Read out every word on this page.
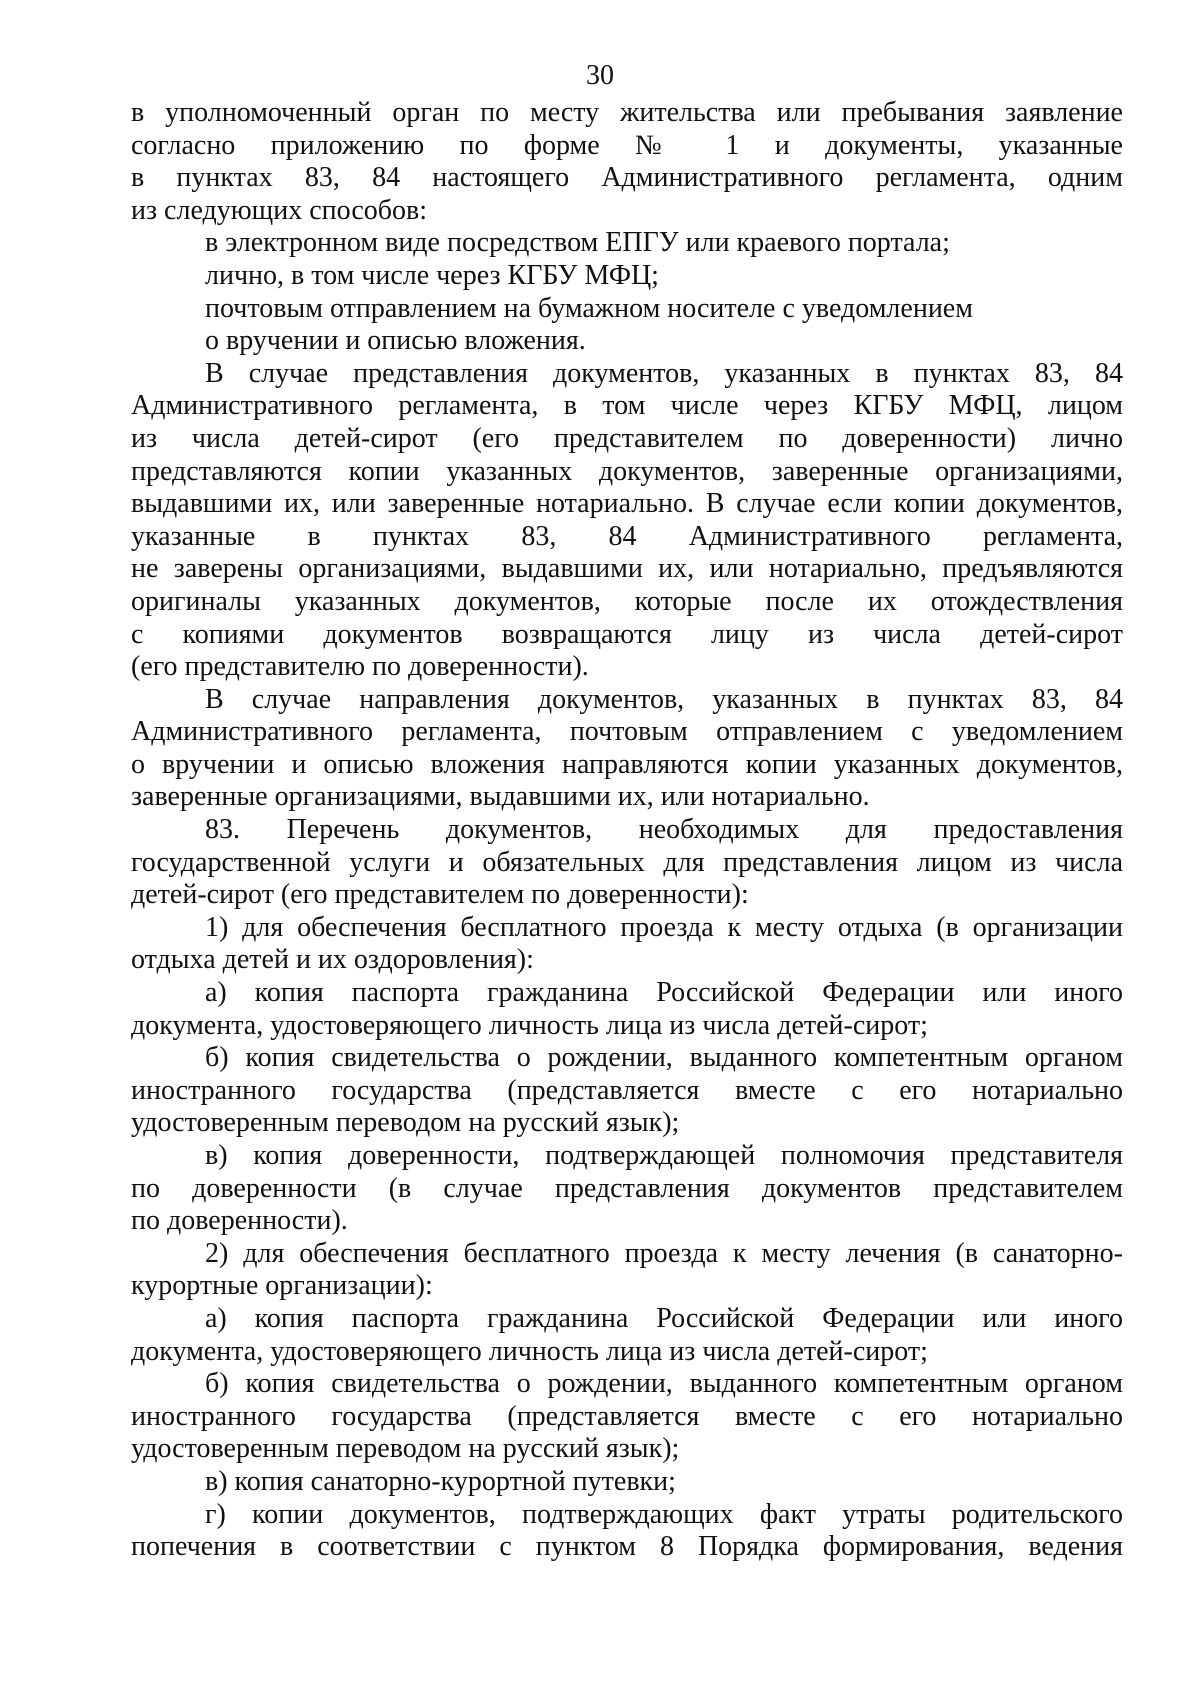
30
в уполномоченный орган по месту жительства или пребывания заявление
согласно приложению по форме № 1 и документы, указанные
в пунктах 83, 84 настоящего Административного регламента, одним
из следующих способов:
в электронном виде посредством ЕПГУ или краевого портала;
лично, в том числе через КГБУ МФЦ;
почтовым отправлением на бумажном носителе с уведомлением
о вручении и описью вложения.
В случае представления документов, указанных в пунктах 83, 84
Административного регламента, в том числе через КГБУ МФЦ, лицом
из числа детей-сирот (его представителем по доверенности) лично
представляются копии указанных документов, заверенные организациями,
выдавшими их, или заверенные нотариально. В случае если копии документов,
указанные в пунктах 83, 84 Административного регламента,
не заверены организациями, выдавшими их, или нотариально, предъявляются
оригиналы указанных документов, которые после их отождествления
с копиями документов возвращаются лицу из числа детей-сирот
(его представителю по доверенности).
В случае направления документов, указанных в пунктах 83, 84
Административного регламента, почтовым отправлением с уведомлением
о вручении и описью вложения направляются копии указанных документов,
заверенные организациями, выдавшими их, или нотариально.
83. Перечень документов, необходимых для предоставления
государственной услуги и обязательных для представления лицом из числа
детей-сирот (его представителем по доверенности):
1) для обеспечения бесплатного проезда к месту отдыха (в организации
отдыха детей и их оздоровления):
а) копия паспорта гражданина Российской Федерации или иного
документа, удостоверяющего личность лица из числа детей-сирот;
б) копия свидетельства о рождении, выданного компетентным органом
иностранного государства (представляется вместе с его нотариально
удостоверенным переводом на русский язык);
в) копия доверенности, подтверждающей полномочия представителя
по доверенности (в случае представления документов представителем
по доверенности).
2) для обеспечения бесплатного проезда к месту лечения (в санаторно-
курортные организации):
а) копия паспорта гражданина Российской Федерации или иного
документа, удостоверяющего личность лица из числа детей-сирот;
б) копия свидетельства о рождении, выданного компетентным органом
иностранного государства (представляется вместе с его нотариально
удостоверенным переводом на русский язык);
в) копия санаторно-курортной путевки;
г) копии документов, подтверждающих факт утраты родительского
попечения в соответствии с пунктом 8 Порядка формирования, ведения
